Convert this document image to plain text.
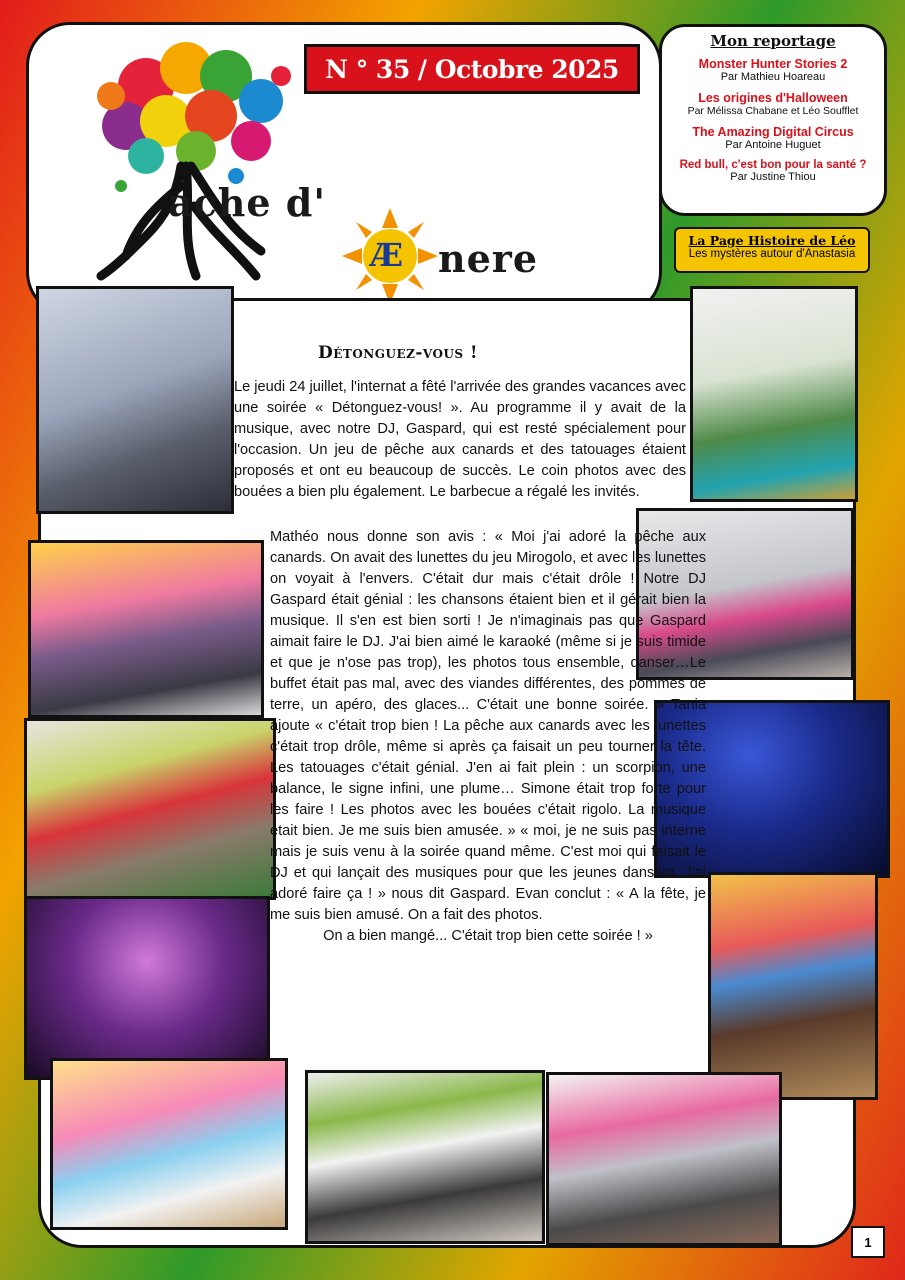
ache d'
Æ nere
N ° 35 / Octobre 2025
Mon reportage
Monster Hunter Stories 2
Par Mathieu Hoareau
Les origines d'Halloween
Par Mélissa Chabane et Léo Soufflet
The Amazing Digital Circus
Par Antoine Huguet
Red bull, c'est bon pour la santé ?
Par Justine Thiou
La Page Histoire de Léo
Les mystères autour d'Anastasia
Détonguez-vous !

Le jeudi 24 juillet, l'internat a fêté l'arrivée des grandes vacances avec une soirée « Détonguez-vous! ». Au programme il y avait de la musique, avec notre DJ, Gaspard, qui est resté spécialement pour l'occasion. Un jeu de pêche aux canards et des tatouages étaient proposés et ont eu beaucoup de succès. Le coin photos avec des bouées a bien plu également. Le barbecue a régalé les invités.

Mathéo nous donne son avis : « Moi j'ai adoré la pêche aux canards. On avait des lunettes du jeu Mirogolo, et avec les lunettes on voyait à l'envers. C'était dur mais c'était drôle ! Notre DJ Gaspard était génial : les chansons étaient bien et il gérait bien la musique. Il s'en est bien sorti ! Je n'imaginais pas que Gaspard aimait faire le DJ. J'ai bien aimé le karaoké (même si je suis timide et que je n'ose pas trop), les photos tous ensemble, danser…Le buffet était pas mal, avec des viandes différentes, des pommes de terre, un apéro, des glaces... C'était une bonne soirée. » Tania ajoute « c'était trop bien ! La pêche aux canards avec les lunettes c'était trop drôle, même si après ça faisait un peu tourner la tête. Les tatouages c'était génial. J'en ai fait plein : un scorpion, une balance, le signe infini, une plume… Simone était trop forte pour les faire ! Les photos avec les bouées c'était rigolo. La musique était bien. Je me suis bien amusée. » « moi, je ne suis pas interne mais je suis venu à la soirée quand même. C'est moi qui faisait le DJ et qui lançait des musiques pour que les jeunes dansent. J'ai adoré faire ça ! » nous dit Gaspard. Evan conclut : « A la fête, je me suis bien amusé. On a fait des photos.

On a bien mangé... C'était trop bien cette soirée ! »

1
